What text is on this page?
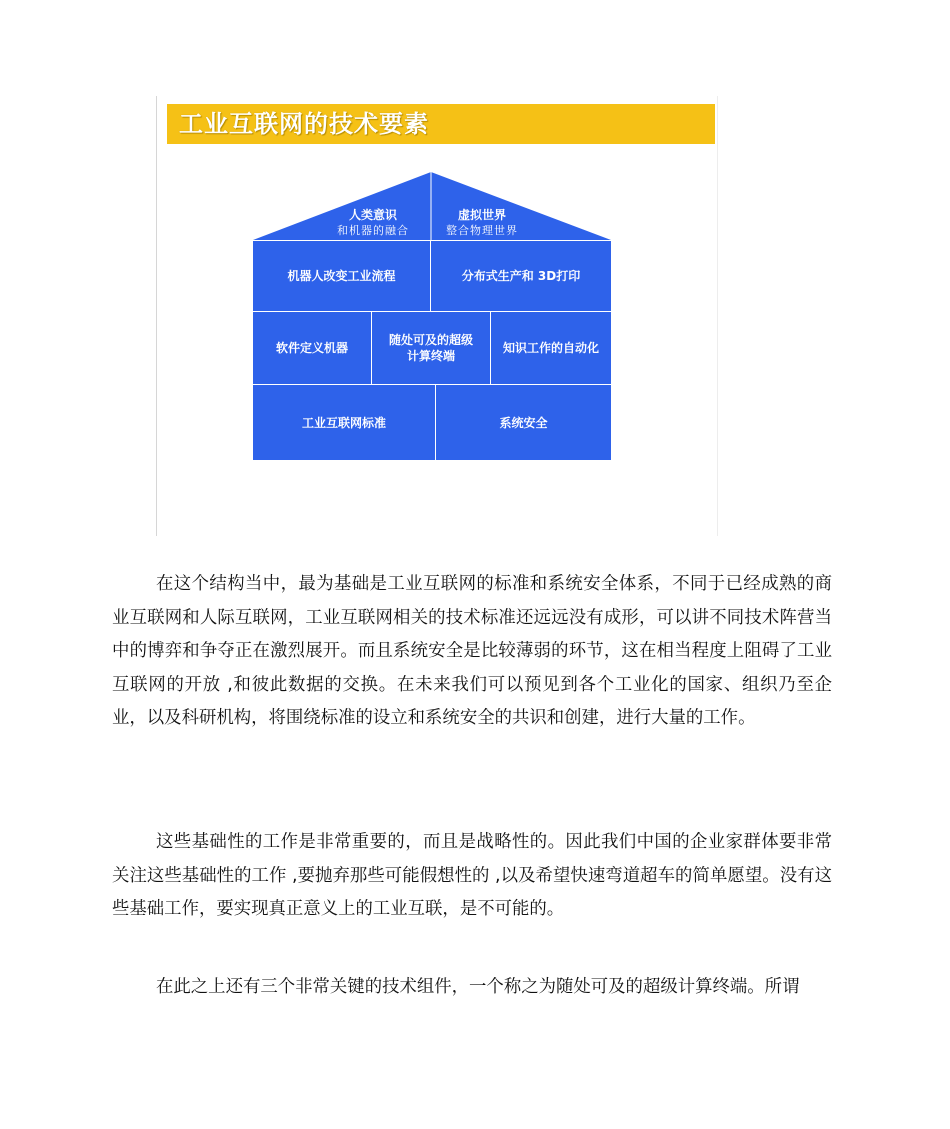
工业互联网的技术要素
人类意识
和机器的融合
虚拟世界
整合物理世界
机器人改变工业流程	分布式生产和 3D打印
软件定义机器
随处可及的超级
计算终端
知识工作的自动化
工业互联网标准	系统安全

在这个结构当中，最为基础是工业互联网的标准和系统安全体系，不同于已经成熟的商业互联网和人际互联网，工业互联网相关的技术标准还远远没有成形，可以讲不同技术阵营当中的博弈和争夺正在激烈展开。而且系统安全是比较薄弱的环节，这在相当程度上阻碍了工业互联网的开放 ,和彼此数据的交换。在未来我们可以预见到各个工业化的国家、组织乃至企业，以及科研机构，将围绕标准的设立和系统安全的共识和创建，进行大量的工作。

这些基础性的工作是非常重要的，而且是战略性的。因此我们中国的企业家群体要非常关注这些基础性的工作 ,要抛弃那些可能假想性的 ,以及希望快速弯道超车的简单愿望。没有这些基础工作，要实现真正意义上的工业互联，是不可能的。

在此之上还有三个非常关键的技术组件，一个称之为随处可及的超级计算终端。所谓
